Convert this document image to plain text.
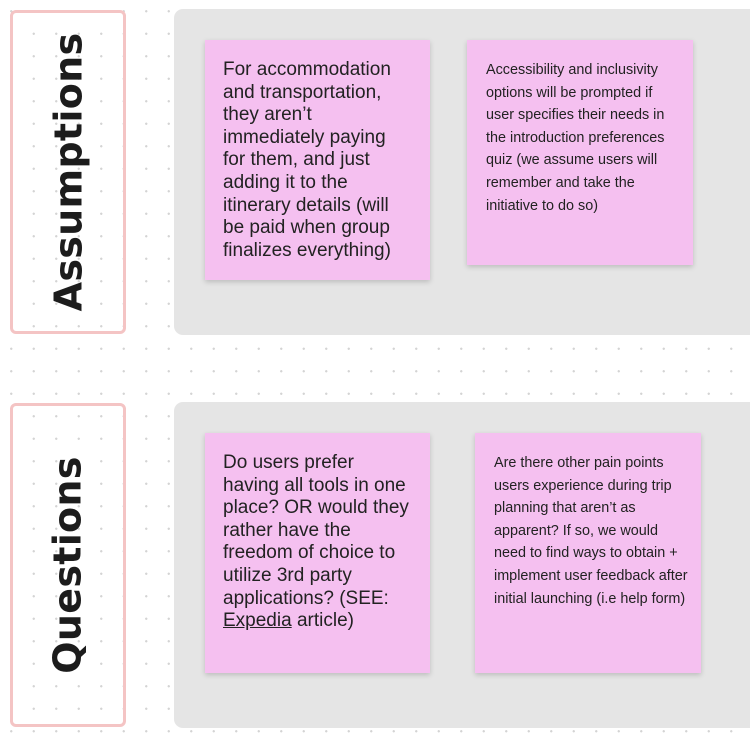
Assumptions	For accommodation and transportation, they aren’t immediately paying for them, and just adding it to the itinerary details (will be paid when group finalizes everything)
Accessibility and inclusivity options will be prompted if user specifies their needs in the introduction preferences quiz (we assume users will remember and take the initiative to do so)
Questions	Do users prefer having all tools in one place? OR would they rather have the freedom of choice to utilize 3rd party applications? (SEE: Expedia article)
Are there other pain points users experience during trip planning that aren’t as apparent? If so, we would need to find ways to obtain + implement user feedback after initial launching (i.e help form)
